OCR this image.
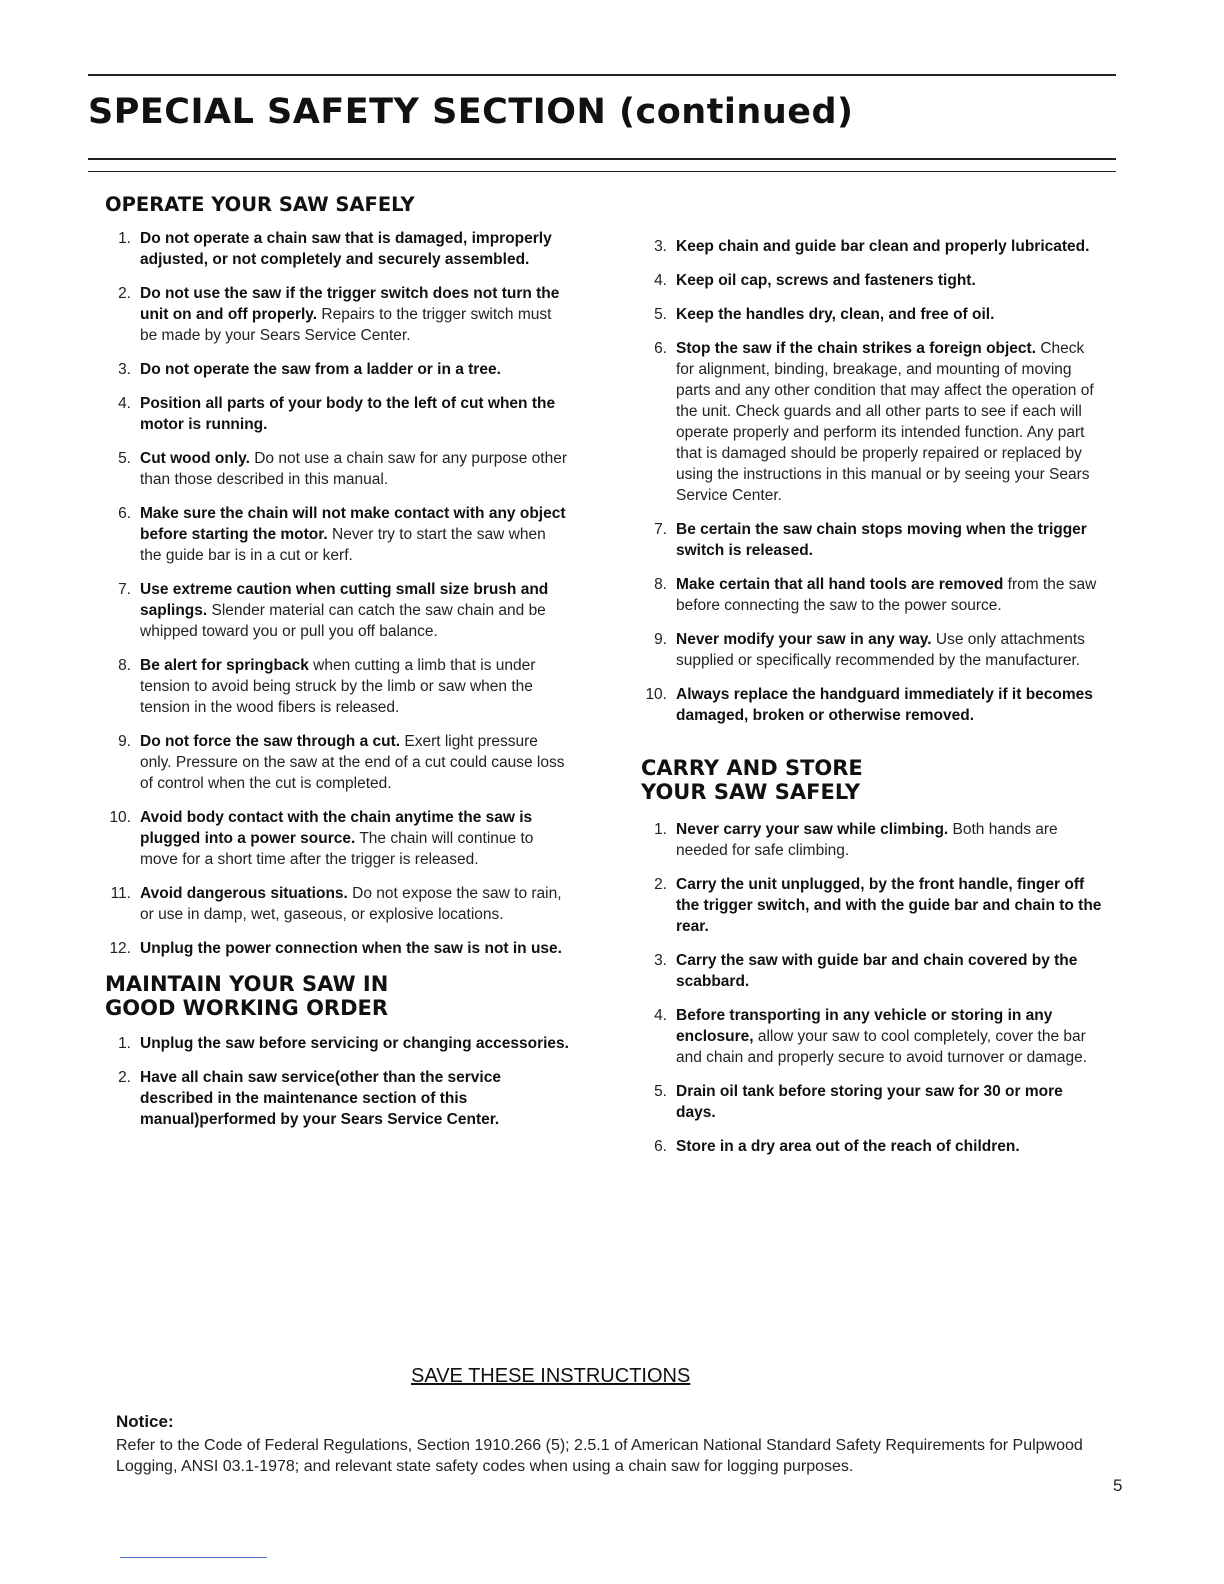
SPECIAL SAFETY SECTION (continued)
OPERATE YOUR SAW SAFELY
1. Do not operate a chain saw that is damaged, improperly adjusted, or not completely and securely assembled.
2. Do not use the saw if the trigger switch does not turn the unit on and off properly. Repairs to the trigger switch must be made by your Sears Service Center.
3. Do not operate the saw from a ladder or in a tree.
4. Position all parts of your body to the left of cut when the motor is running.
5. Cut wood only. Do not use a chain saw for any purpose other than those described in this manual.
6. Make sure the chain will not make contact with any object before starting the motor. Never try to start the saw when the guide bar is in a cut or kerf.
7. Use extreme caution when cutting small size brush and saplings. Slender material can catch the saw chain and be whipped toward you or pull you off balance.
8. Be alert for springback when cutting a limb that is under tension to avoid being struck by the limb or saw when the tension in the wood fibers is released.
9. Do not force the saw through a cut. Exert light pressure only. Pressure on the saw at the end of a cut could cause loss of control when the cut is completed.
10. Avoid body contact with the chain anytime the saw is plugged into a power source. The chain will continue to move for a short time after the trigger is released.
11. Avoid dangerous situations. Do not expose the saw to rain, or use in damp, wet, gaseous, or explosive locations.
12. Unplug the power connection when the saw is not in use.
MAINTAIN YOUR SAW IN
GOOD WORKING ORDER
1. Unplug the saw before servicing or changing accessories.
2. Have all chain saw service(other than the service described in the maintenance section of this manual)performed by your Sears Service Center.
3. Keep chain and guide bar clean and properly lubricated.
4. Keep oil cap, screws and fasteners tight.
5. Keep the handles dry, clean, and free of oil.
6. Stop the saw if the chain strikes a foreign object. Check for alignment, binding, breakage, and mounting of moving parts and any other condition that may affect the operation of the unit. Check guards and all other parts to see if each will operate properly and perform its intended function. Any part that is damaged should be properly repaired or replaced by using the instructions in this manual or by seeing your Sears Service Center.
7. Be certain the saw chain stops moving when the trigger switch is released.
8. Make certain that all hand tools are removed from the saw before connecting the saw to the power source.
9. Never modify your saw in any way. Use only attachments supplied or specifically recommended by the manufacturer.
10. Always replace the handguard immediately if it becomes damaged, broken or otherwise removed.
CARRY AND STORE
YOUR SAW SAFELY
1. Never carry your saw while climbing. Both hands are needed for safe climbing.
2. Carry the unit unplugged, by the front handle, finger off the trigger switch, and with the guide bar and chain to the rear.
3. Carry the saw with guide bar and chain covered by the scabbard.
4. Before transporting in any vehicle or storing in any enclosure, allow your saw to cool completely, cover the bar and chain and properly secure to avoid turnover or damage.
5. Drain oil tank before storing your saw for 30 or more days.
6. Store in a dry area out of the reach of children.
SAVE THESE INSTRUCTIONS
Notice:

Refer to the Code of Federal Regulations, Section 1910.266 (5); 2.5.1 of American National Standard Safety Requirements for Pulpwood Logging, ANSI 03.1-1978; and relevant state safety codes when using a chain saw for logging purposes.

5
